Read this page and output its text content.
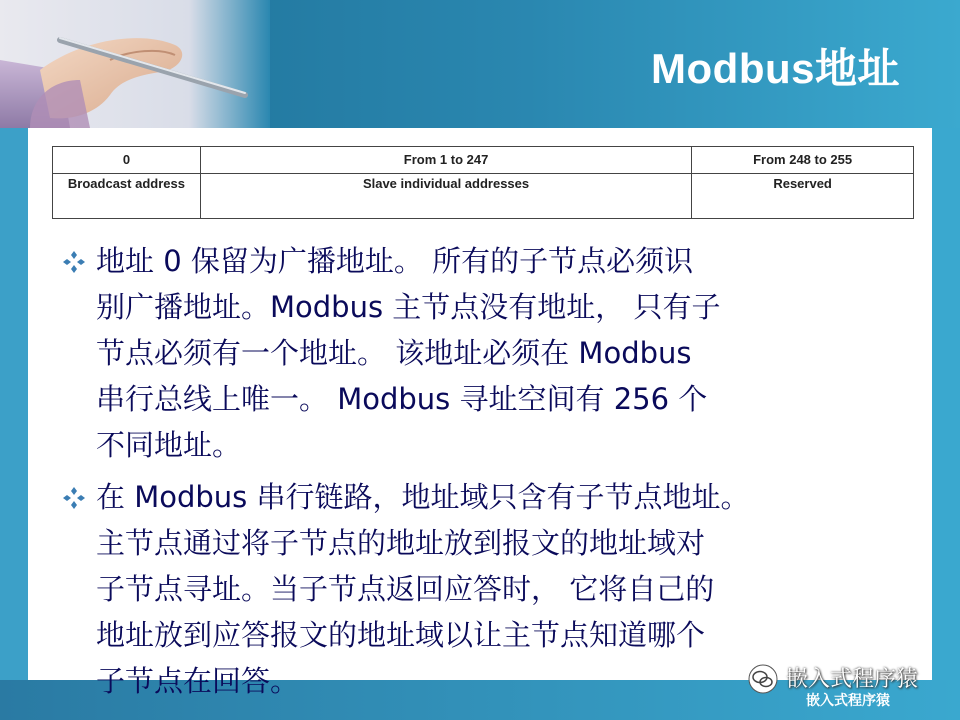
Modbus地址
0	From 1 to 247	From 248 to 255
Broadcast address	Slave individual addresses	Reserved
地址 0 保留为广播地址。 所有的子节点必须识
别广播地址。Modbus 主节点没有地址， 只有子
节点必须有一个地址。 该地址必须在 Modbus
串行总线上唯一。 Modbus 寻址空间有 256 个
不同地址。
在 Modbus 串行链路，地址域只含有子节点地址。
主节点通过将子节点的地址放到报文的地址域对
子节点寻址。当子节点返回应答时， 它将自己的
地址放到应答报文的地址域以让主节点知道哪个
子节点在回答。	嵌入式程序猿
嵌入式程序猿
